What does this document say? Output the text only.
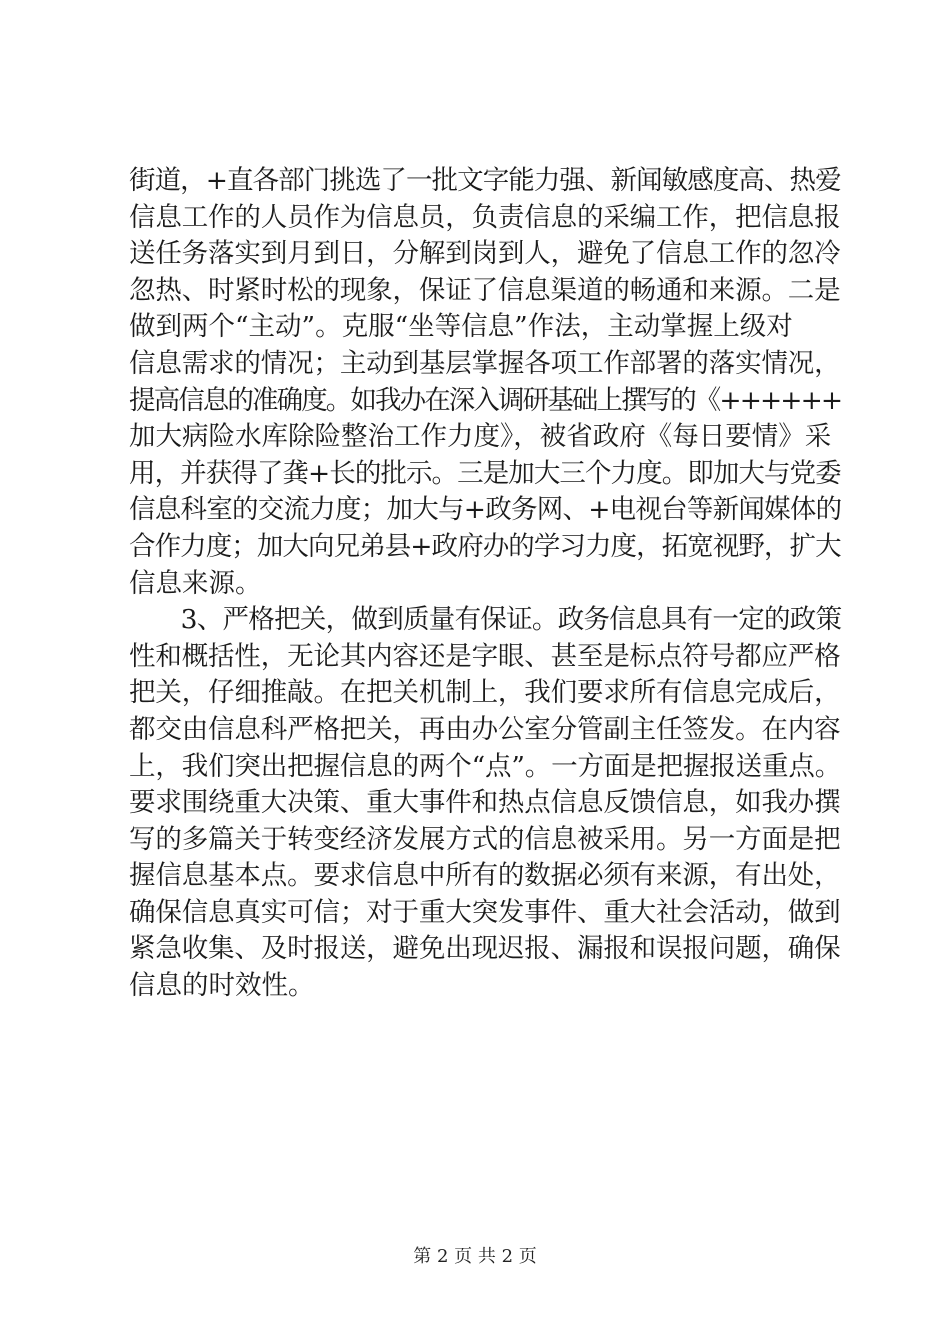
街道，+直各部门挑选了一批文字能力强、新闻敏感度高、热爱
信息工作的人员作为信息员，负责信息的采编工作，把信息报
送任务落实到月到日，分解到岗到人，避免了信息工作的忽冷
忽热、时紧时松的现象，保证了信息渠道的畅通和来源。二是
做到两个“主动”。克服“坐等信息”作法，主动掌握上级对
信息需求的情况；主动到基层掌握各项工作部署的落实情况，
提高信息的准确度。如我办在深入调研基础上撰写的《++++++
加大病险水库除险整治工作力度》，被省政府《每日要情》采
用，并获得了龚+长的批示。三是加大三个力度。即加大与党委
信息科室的交流力度；加大与+政务网、+电视台等新闻媒体的
合作力度；加大向兄弟县+政府办的学习力度，拓宽视野，扩大
信息来源。
　　3、严格把关，做到质量有保证。政务信息具有一定的政策
性和概括性，无论其内容还是字眼、甚至是标点符号都应严格
把关，仔细推敲。在把关机制上，我们要求所有信息完成后，
都交由信息科严格把关，再由办公室分管副主任签发。在内容
上，我们突出把握信息的两个“点”。一方面是把握报送重点。
要求围绕重大决策、重大事件和热点信息反馈信息，如我办撰
写的多篇关于转变经济发展方式的信息被采用。另一方面是把
握信息基本点。要求信息中所有的数据必须有来源，有出处，
确保信息真实可信；对于重大突发事件、重大社会活动，做到
紧急收集、及时报送，避免出现迟报、漏报和误报问题，确保
信息的时效性。
第 2 页 共 2 页
